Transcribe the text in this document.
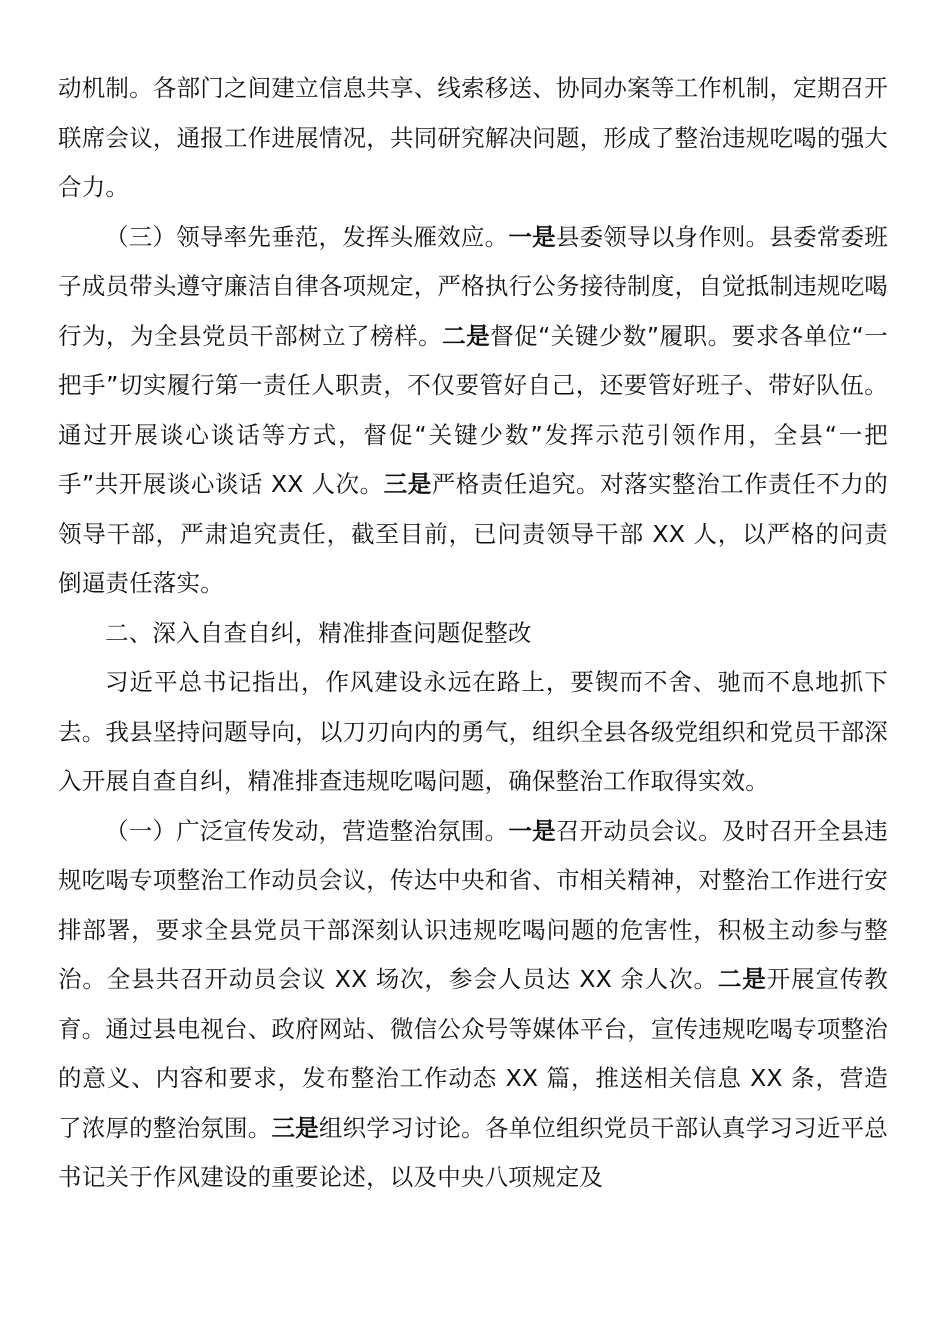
动机制。各部门之间建立信息共享、线索移送、协同办案等工作机制，定期召开联席会议，通报工作进展情况，共同研究解决问题，形成了整治违规吃喝的强大合力。

（三）领导率先垂范，发挥头雁效应。一是县委领导以身作则。县委常委班子成员带头遵守廉洁自律各项规定，严格执行公务接待制度，自觉抵制违规吃喝行为，为全县党员干部树立了榜样。二是督促“关键少数”履职。要求各单位“一把手”切实履行第一责任人职责，不仅要管好自己，还要管好班子、带好队伍。通过开展谈心谈话等方式，督促“关键少数”发挥示范引领作用，全县“一把手”共开展谈心谈话 XX 人次。三是严格责任追究。对落实整治工作责任不力的领导干部，严肃追究责任，截至目前，已问责领导干部 XX 人，以严格的问责倒逼责任落实。

二、深入自查自纠，精准排查问题促整改

习近平总书记指出，作风建设永远在路上，要锲而不舍、驰而不息地抓下去。我县坚持问题导向，以刀刃向内的勇气，组织全县各级党组织和党员干部深入开展自查自纠，精准排查违规吃喝问题，确保整治工作取得实效。

（一）广泛宣传发动，营造整治氛围。一是召开动员会议。及时召开全县违规吃喝专项整治工作动员会议，传达中央和省、市相关精神，对整治工作进行安排部署，要求全县党员干部深刻认识违规吃喝问题的危害性，积极主动参与整治。全县共召开动员会议 XX 场次，参会人员达 XX 余人次。二是开展宣传教育。通过县电视台、政府网站、微信公众号等媒体平台，宣传违规吃喝专项整治的意义、内容和要求，发布整治工作动态 XX 篇，推送相关信息 XX 条，营造了浓厚的整治氛围。三是组织学习讨论。各单位组织党员干部认真学习习近平总书记关于作风建设的重要论述，以及中央八项规定及
